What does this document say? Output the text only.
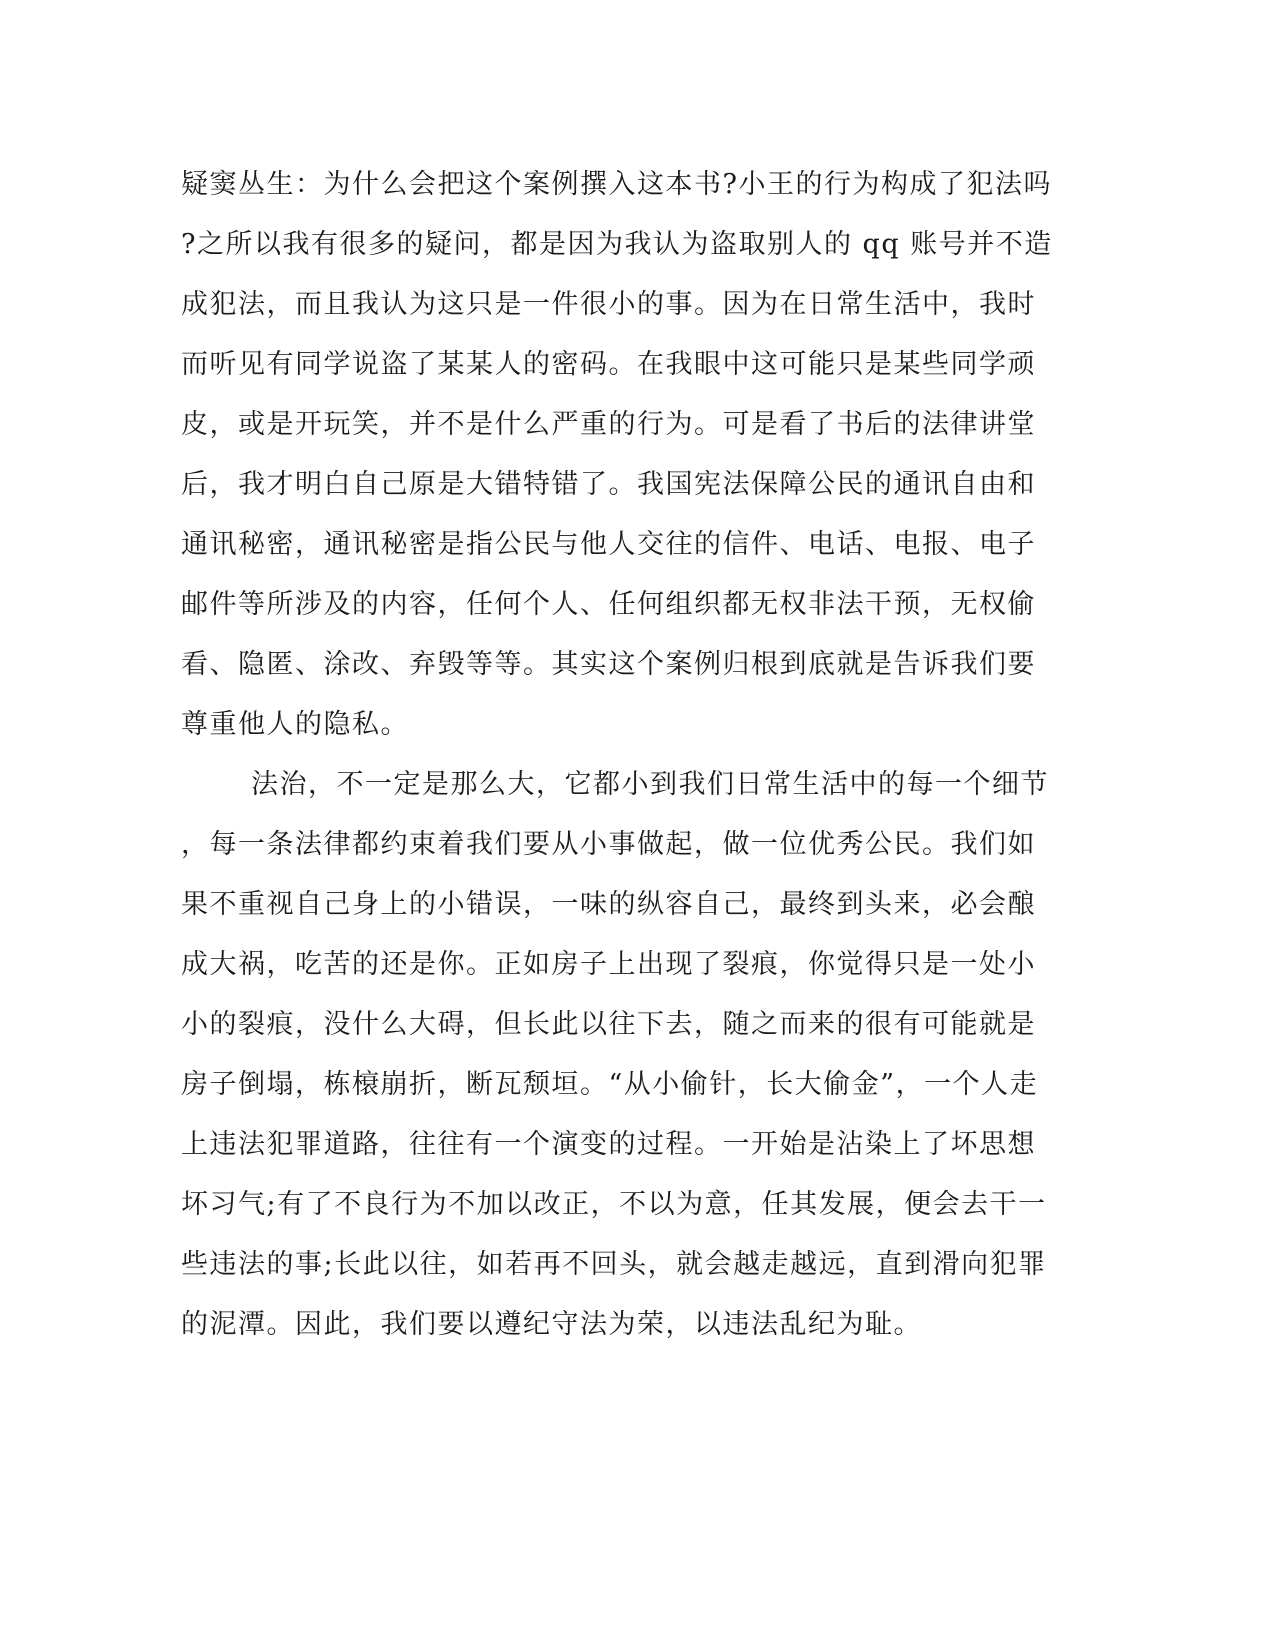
疑窦丛生：为什么会把这个案例撰入这本书?小王的行为构成了犯法吗
?之所以我有很多的疑问，都是因为我认为盗取别人的 qq 账号并不造
成犯法，而且我认为这只是一件很小的事。因为在日常生活中，我时
而听见有同学说盗了某某人的密码。在我眼中这可能只是某些同学顽
皮，或是开玩笑，并不是什么严重的行为。可是看了书后的法律讲堂
后，我才明白自己原是大错特错了。我国宪法保障公民的通讯自由和
通讯秘密，通讯秘密是指公民与他人交往的信件、电话、电报、电子
邮件等所涉及的内容，任何个人、任何组织都无权非法干预，无权偷
看、隐匿、涂改、弃毁等等。其实这个案例归根到底就是告诉我们要
尊重他人的隐私。
法治，不一定是那么大，它都小到我们日常生活中的每一个细节
，每一条法律都约束着我们要从小事做起，做一位优秀公民。我们如
果不重视自己身上的小错误，一味的纵容自己，最终到头来，必会酿
成大祸，吃苦的还是你。正如房子上出现了裂痕，你觉得只是一处小
小的裂痕，没什么大碍，但长此以往下去，随之而来的很有可能就是
房子倒塌，栋榱崩折，断瓦颓垣。“从小偷针，长大偷金”，一个人走
上违法犯罪道路，往往有一个演变的过程。一开始是沾染上了坏思想
坏习气;有了不良行为不加以改正，不以为意，任其发展，便会去干一
些违法的事;长此以往，如若再不回头，就会越走越远，直到滑向犯罪
的泥潭。因此，我们要以遵纪守法为荣，以违法乱纪为耻。
